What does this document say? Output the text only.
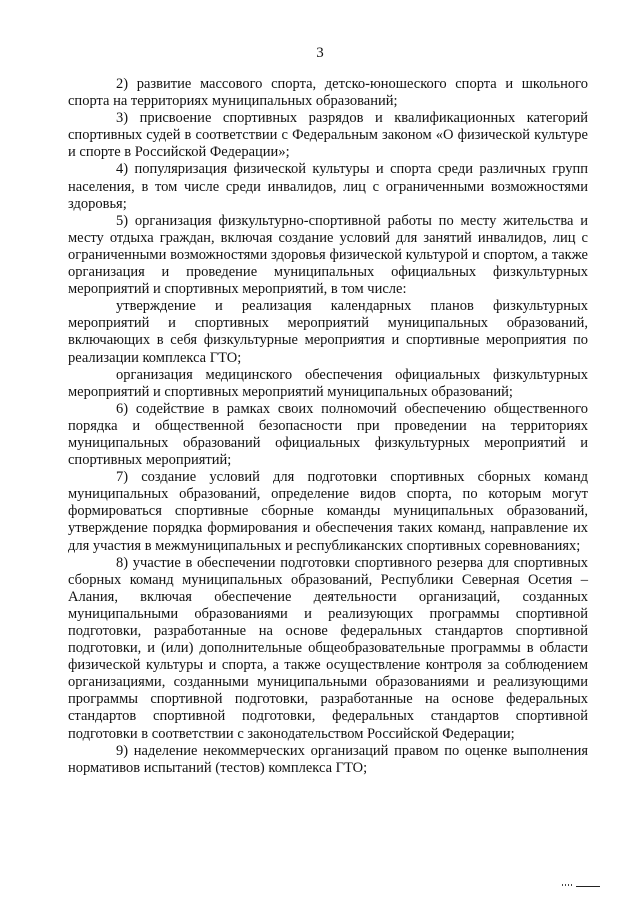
3

2) развитие массового спорта, детско-юношеского спорта и школьного спорта на территориях муниципальных образований;

3) присвоение спортивных разрядов и квалификационных категорий спортивных судей в соответствии с Федеральным законом «О физической культуре и спорте в Российской Федерации»;

4) популяризация физической культуры и спорта среди различных групп населения, в том числе среди инвалидов, лиц с ограниченными возможностями здоровья;

5) организация физкультурно-спортивной работы по месту жительства и месту отдыха граждан, включая создание условий для занятий инвалидов, лиц с ограниченными возможностями здоровья физической культурой и спортом, а также организация и проведение муниципальных официальных физкультурных мероприятий и спортивных мероприятий, в том числе:

утверждение и реализация календарных планов физкультурных мероприятий и спортивных мероприятий муниципальных образований, включающих в себя физкультурные мероприятия и спортивные мероприятия по реализации комплекса ГТО;

организация медицинского обеспечения официальных физкультурных мероприятий и спортивных мероприятий муниципальных образований;

6) содействие в рамках своих полномочий обеспечению общественного порядка и общественной безопасности при проведении на территориях муниципальных образований официальных физкультурных мероприятий и спортивных мероприятий;

7) создание условий для подготовки спортивных сборных команд муниципальных образований, определение видов спорта, по которым могут формироваться спортивные сборные команды муниципальных образований, утверждение порядка формирования и обеспечения таких команд, направление их для участия в межмуниципальных и республиканских спортивных соревнованиях;

8) участие в обеспечении подготовки спортивного резерва для спортивных сборных команд муниципальных образований, Республики Северная Осетия – Алания, включая обеспечение деятельности организаций, созданных муниципальными образованиями и реализующих программы спортивной подготовки, разработанные на основе федеральных стандартов спортивной подготовки, и (или) дополнительные общеобразовательные программы в области физической культуры и спорта, а также осуществление контроля за соблюдением организациями, созданными муниципальными образованиями и реализующими программы спортивной подготовки, разработанные на основе федеральных стандартов спортивной подготовки, федеральных стандартов спортивной подготовки в соответствии с законодательством Российской Федерации;

9) наделение некоммерческих организаций правом по оценке выполнения нормативов испытаний (тестов) комплекса ГТО;
